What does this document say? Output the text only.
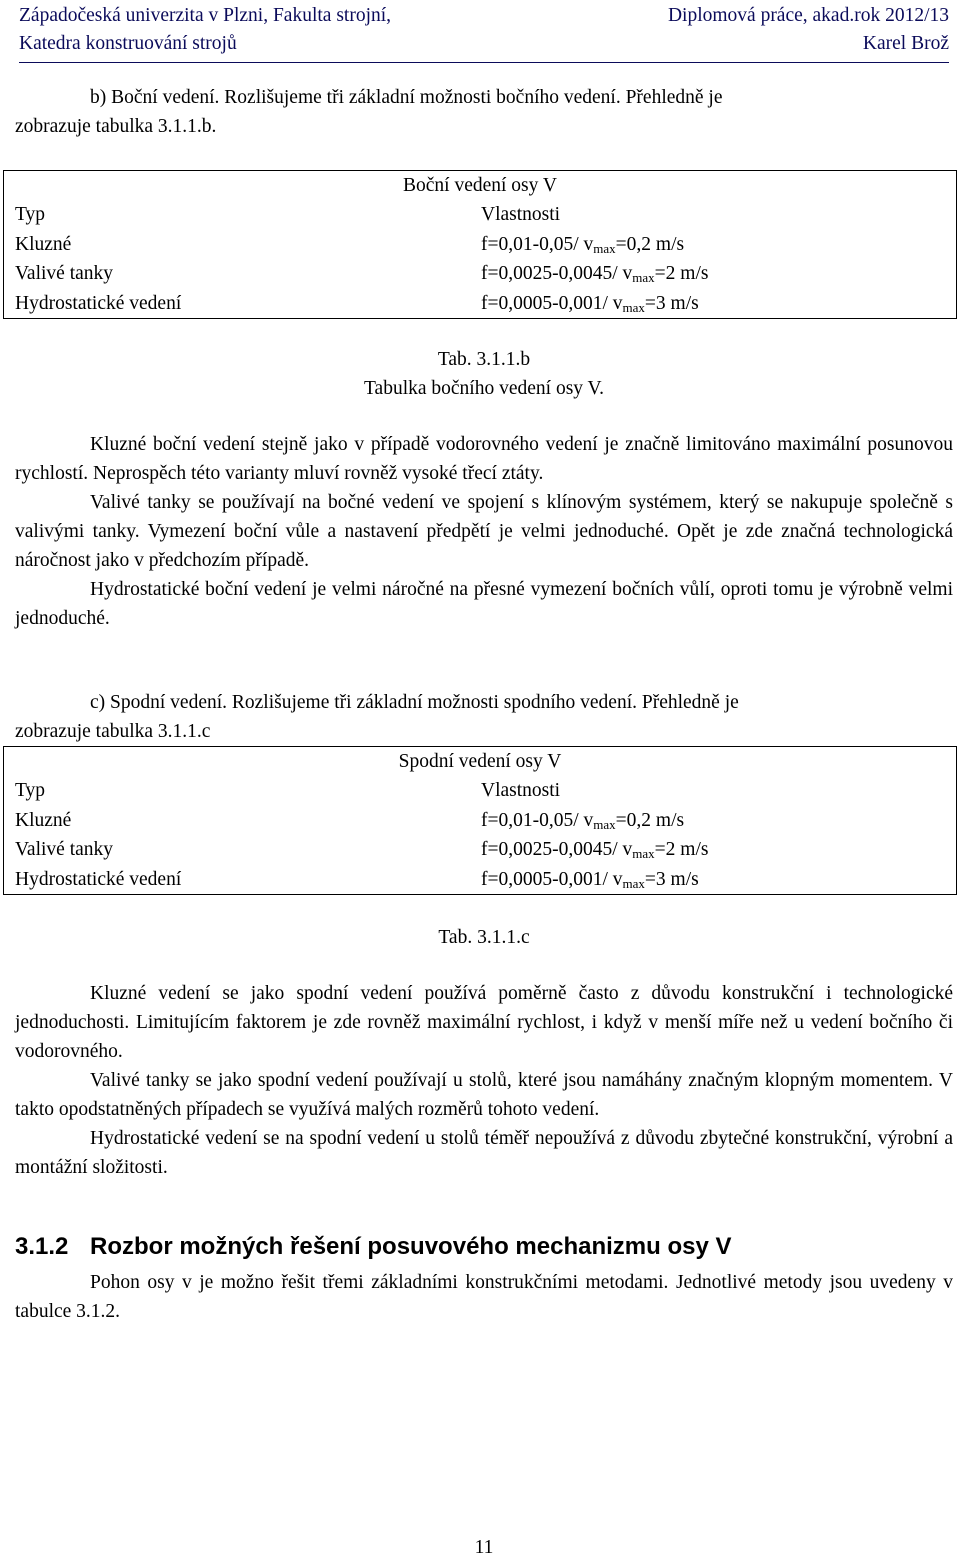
Západočeská univerzita v Plzni, Fakulta strojní,	Diplomová práce, akad.rok 2012/13
Katedra konstruování strojů	Karel Brož

b) Boční vedení. Rozlišujeme tři základní možnosti bočního vedení. Přehledně je

zobrazuje tabulka 3.1.1.b.

Boční vedení osy V
Typ	Vlastnosti
Kluzné	f=0,01-0,05/ $v_{max}=0,2$ m/s
Valivé tanky	f=0,0025-0,0045/ $v_{max}=2$ m/s
Hydrostatické vedení	f=0,0005-0,001/ $v_{max}=3$ m/s
Tab. 3.1.1.b
Tabulka bočního vedení osy V.

Kluzné boční vedení stejně jako v případě vodorovného vedení je značně limitováno maximální posunovou rychlostí. Neprospěch této varianty mluví rovněž vysoké třecí ztáty.

Valivé tanky se používají na bočné vedení ve spojení s klínovým systémem, který se nakupuje společně s valivými tanky. Vymezení boční vůle a nastavení předpětí je velmi jednoduché. Opět je zde značná technologická náročnost jako v předchozím případě.

Hydrostatické boční vedení je velmi náročné na přesné vymezení bočních vůlí, oproti tomu je výrobně velmi jednoduché.

c) Spodní vedení. Rozlišujeme tři základní možnosti spodního vedení. Přehledně je

zobrazuje tabulka 3.1.1.c

Spodní vedení osy V
Typ	Vlastnosti
Kluzné	f=0,01-0,05/ $v_{max}=0,2$ m/s
Valivé tanky	f=0,0025-0,0045/ $v_{max}=2$ m/s
Hydrostatické vedení	f=0,0005-0,001/ $v_{max}=3$ m/s
Tab. 3.1.1.c

Kluzné vedení se jako spodní vedení používá poměrně často z důvodu konstrukční i technologické jednoduchosti. Limitujícím faktorem je zde rovněž maximální rychlost, i když v menší míře než u vedení bočního či vodorovného.

Valivé tanky se jako spodní vedení používají u stolů, které jsou namáhány značným klopným momentem. V takto opodstatněných případech se využívá malých rozměrů tohoto vedení.

Hydrostatické vedení se na spodní vedení u stolů téměř nepoužívá z důvodu zbytečné konstrukční, výrobní a montážní složitosti.

3.1.2 Rozbor možných řešení posuvového mechanizmu osy V

Pohon osy v je možno řešit třemi základními konstrukčními metodami. Jednotlivé metody jsou uvedeny v tabulce 3.1.2.

11
